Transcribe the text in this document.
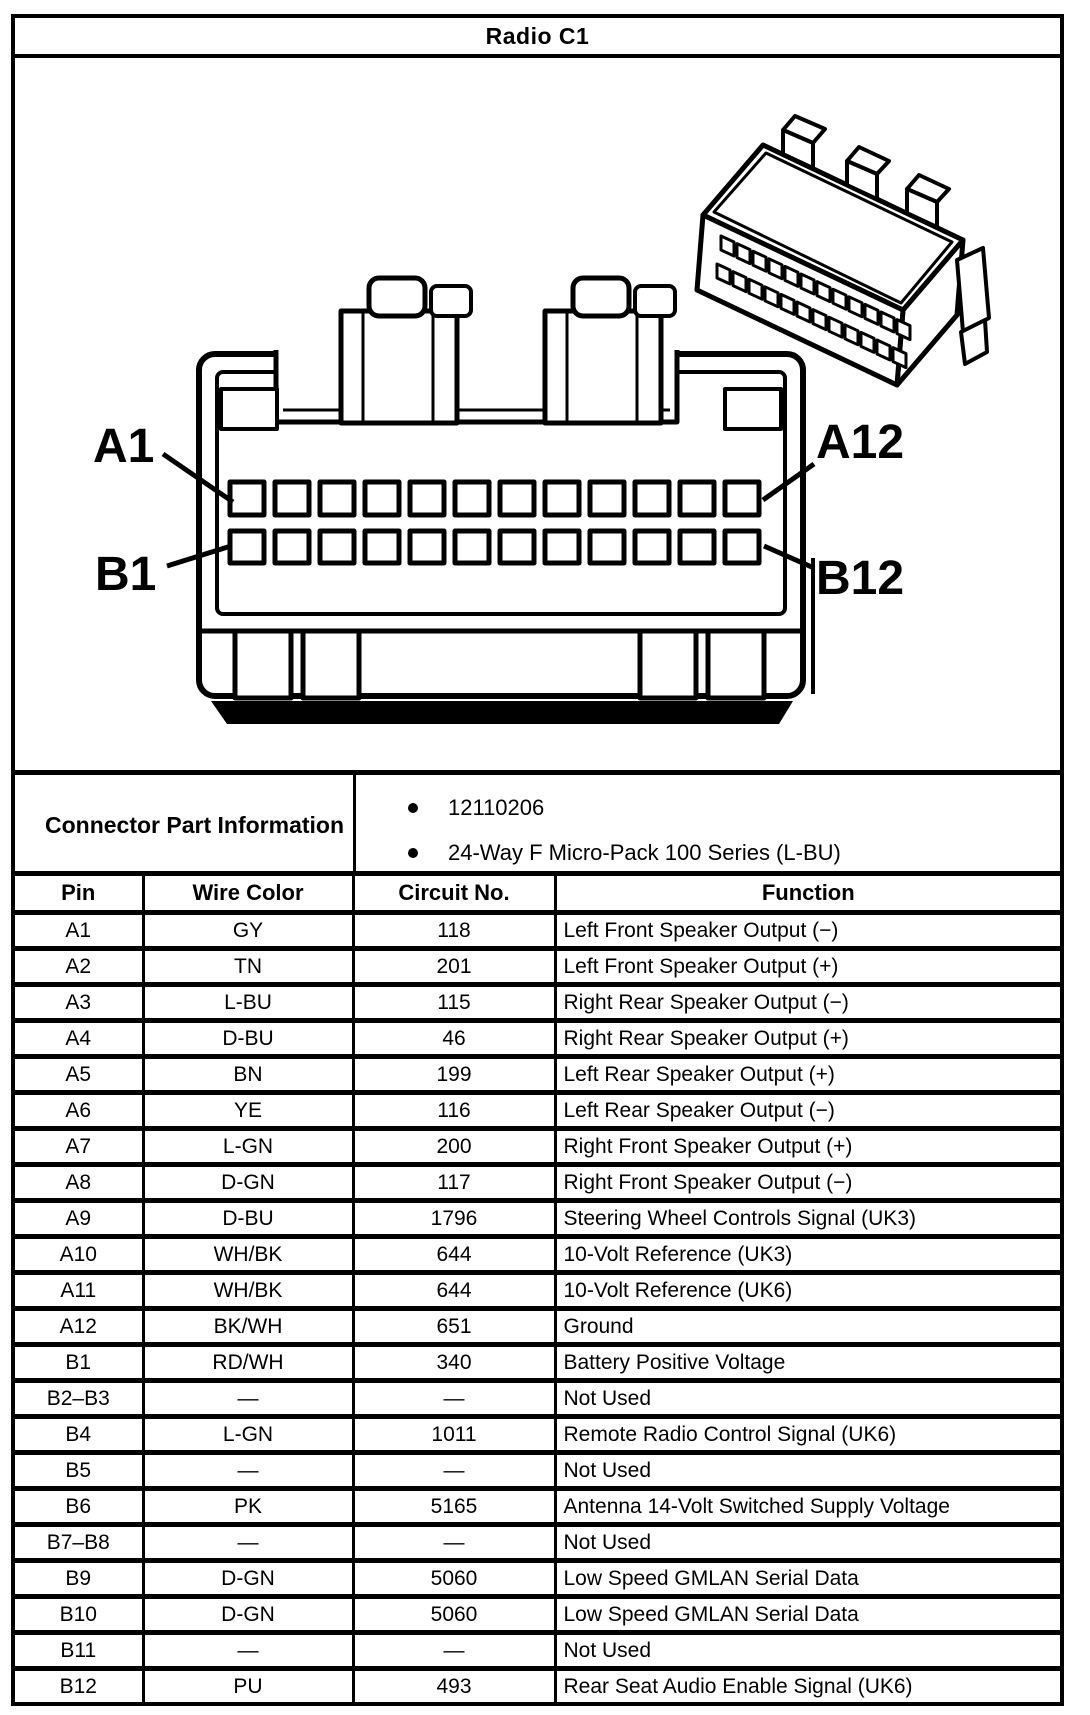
Radio C1
A1
B1
A12
B12
Connector Part Information
12110206
24-Way F Micro-Pack 100 Series (L-BU)
Pin	Wire Color	Circuit No.	Function
A1	GY	118	Left Front Speaker Output (−)
A2	TN	201	Left Front Speaker Output (+)
A3	L-BU	115	Right Rear Speaker Output (−)
A4	D-BU	46	Right Rear Speaker Output (+)
A5	BN	199	Left Rear Speaker Output (+)
A6	YE	116	Left Rear Speaker Output (−)
A7	L-GN	200	Right Front Speaker Output (+)
A8	D-GN	117	Right Front Speaker Output (−)
A9	D-BU	1796	Steering Wheel Controls Signal (UK3)
A10	WH/BK	644	10-Volt Reference (UK3)
A11	WH/BK	644	10-Volt Reference (UK6)
A12	BK/WH	651	Ground
B1	RD/WH	340	Battery Positive Voltage
B2–B3	—	—	Not Used
B4	L-GN	1011	Remote Radio Control Signal (UK6)
B5	—	—	Not Used
B6	PK	5165	Antenna 14-Volt Switched Supply Voltage
B7–B8	—	—	Not Used
B9	D-GN	5060	Low Speed GMLAN Serial Data
B10	D-GN	5060	Low Speed GMLAN Serial Data
B11	—	—	Not Used
B12	PU	493	Rear Seat Audio Enable Signal (UK6)
